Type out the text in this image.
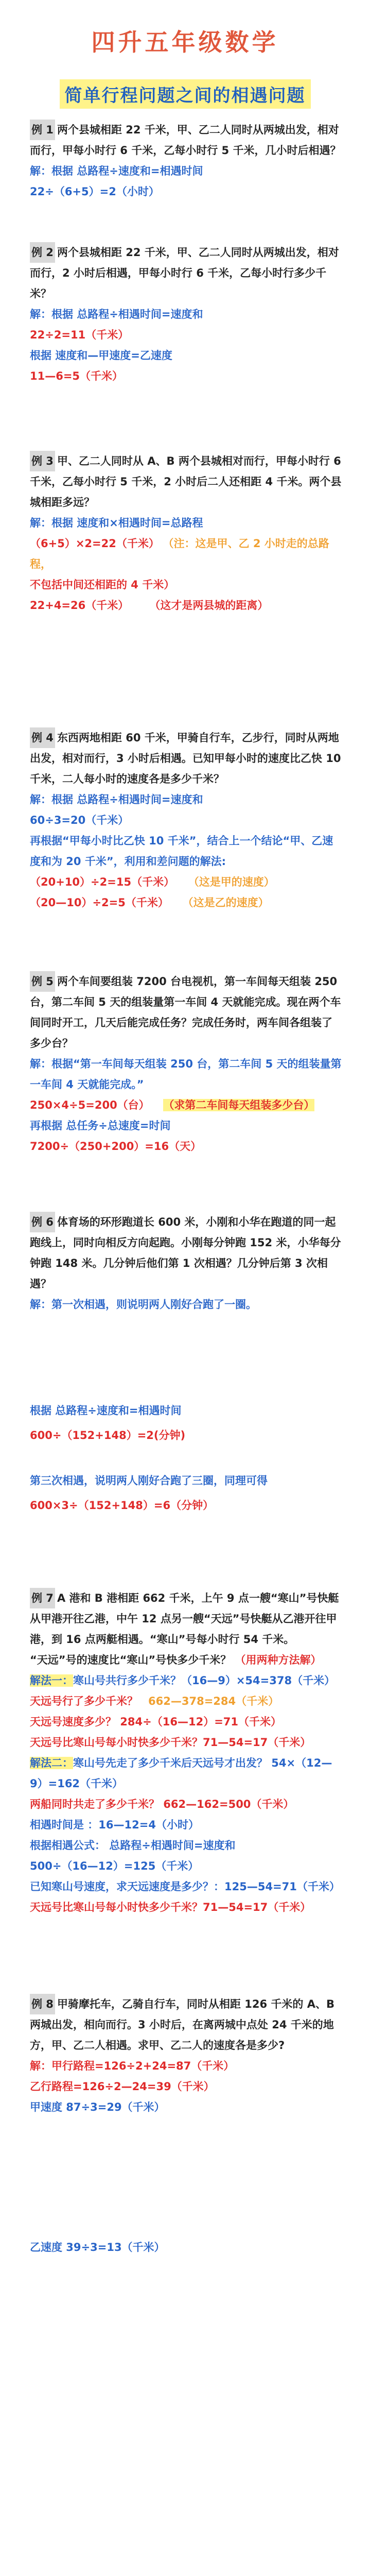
四升五年级数学
简单行程问题之间的相遇问题

例 1 两个县城相距 22 千米，甲、乙二人同时从两城出发，相对而行，甲每小时行 6 千米，乙每小时行 5 千米，几小时后相遇？

解：根据 总路程÷速度和=相遇时间

22÷（6+5）=2（小时）

例 2 两个县城相距 22 千米，甲、乙二人同时从两城出发，相对而行，2 小时后相遇，甲每小时行 6 千米，乙每小时行多少千米？

解：根据 总路程÷相遇时间=速度和

22÷2=11（千米）

根据 速度和—甲速度=乙速度

11—6=5（千米）

例 3 甲、乙二人同时从 A、B 两个县城相对而行，甲每小时行 6 千米，乙每小时行 5 千米，2 小时后二人还相距 4 千米。两个县城相距多远？

解：根据 速度和×相遇时间=总路程

（6+5）×2=22（千米） （注：这是甲、乙 2 小时走的总路程，

不包括中间还相距的 4 千米）

22+4=26（千米） （这才是两县城的距离）

例 4 东西两地相距 60 千米，甲骑自行车，乙步行，同时从两地出发，相对而行，3 小时后相遇。已知甲每小时的速度比乙快 10 千米，二人每小时的速度各是多少千米？

解：根据 总路程÷相遇时间=速度和

60÷3=20（千米）

再根据“甲每小时比乙快 10 千米”，结合上一个结论“甲、乙速度和为 20 千米”，利用和差问题的解法:

（20+10）÷2=15（千米） （这是甲的速度）

（20—10）÷2=5（千米） （这是乙的速度）

例 5 两个车间要组装 7200 台电视机，第一车间每天组装 250 台，第二车间 5 天的组装量第一车间 4 天就能完成。现在两个车间同时开工，几天后能完成任务？完成任务时，两车间各组装了多少台？

解：根据“第一车间每天组装 250 台，第二车间 5 天的组装量第一车间 4 天就能完成。”

250×4÷5=200（台） （求第二车间每天组装多少台）

再根据 总任务÷总速度=时间

7200÷（250+200）=16（天）

例 6 体育场的环形跑道长 600 米，小刚和小华在跑道的同一起跑线上，同时向相反方向起跑。小刚每分钟跑 152 米，小华每分钟跑 148 米。几分钟后他们第 1 次相遇？几分钟后第 3 次相遇？

解：第一次相遇，则说明两人刚好合跑了一圈。

根据 总路程÷速度和=相遇时间

600÷（152+148）=2(分钟)

第三次相遇，说明两人刚好合跑了三圈，同理可得

600×3÷（152+148）=6（分钟）

例 7 A 港和 B 港相距 662 千米，上午 9 点一艘“寒山”号快艇从甲港开往乙港，中午 12 点另一艘“天远”号快艇从乙港开往甲港，到 16 点两艇相遇。“寒山”号每小时行 54 千米。

“天远”号的速度比“寒山”号快多少千米？ （用两种方法解）

解法一：寒山号共行多少千米？（16—9）×54=378（千米）

天远号行了多少千米？ 662—378=284（千米）

天远号速度多少？ 284÷（16—12）=71（千米）

天远号比寒山号每小时快多少千米？71—54=17（千米）

解法二：寒山号先走了多少千米后天远号才出发？ 54×（12—9）=162（千米）

两船同时共走了多少千米？ 662—162=500（千米）

相遇时间是 ：16—12=4（小时）

根据相遇公式： 总路程÷相遇时间=速度和

500÷（16—12）=125（千米）

已知寒山号速度，求天远速度是多少？：125—54=71（千米）

天远号比寒山号每小时快多少千米？71—54=17（千米）

例 8 甲骑摩托车，乙骑自行车，同时从相距 126 千米的 A、B 两城出发，相向而行。3 小时后，在离两城中点处 24 千米的地方，甲、乙二人相遇。求甲、乙二人的速度各是多少?

解：甲行路程=126÷2+24=87（千米）

乙行路程=126÷2—24=39（千米）

甲速度 87÷3=29（千米）

乙速度 39÷3=13（千米）
